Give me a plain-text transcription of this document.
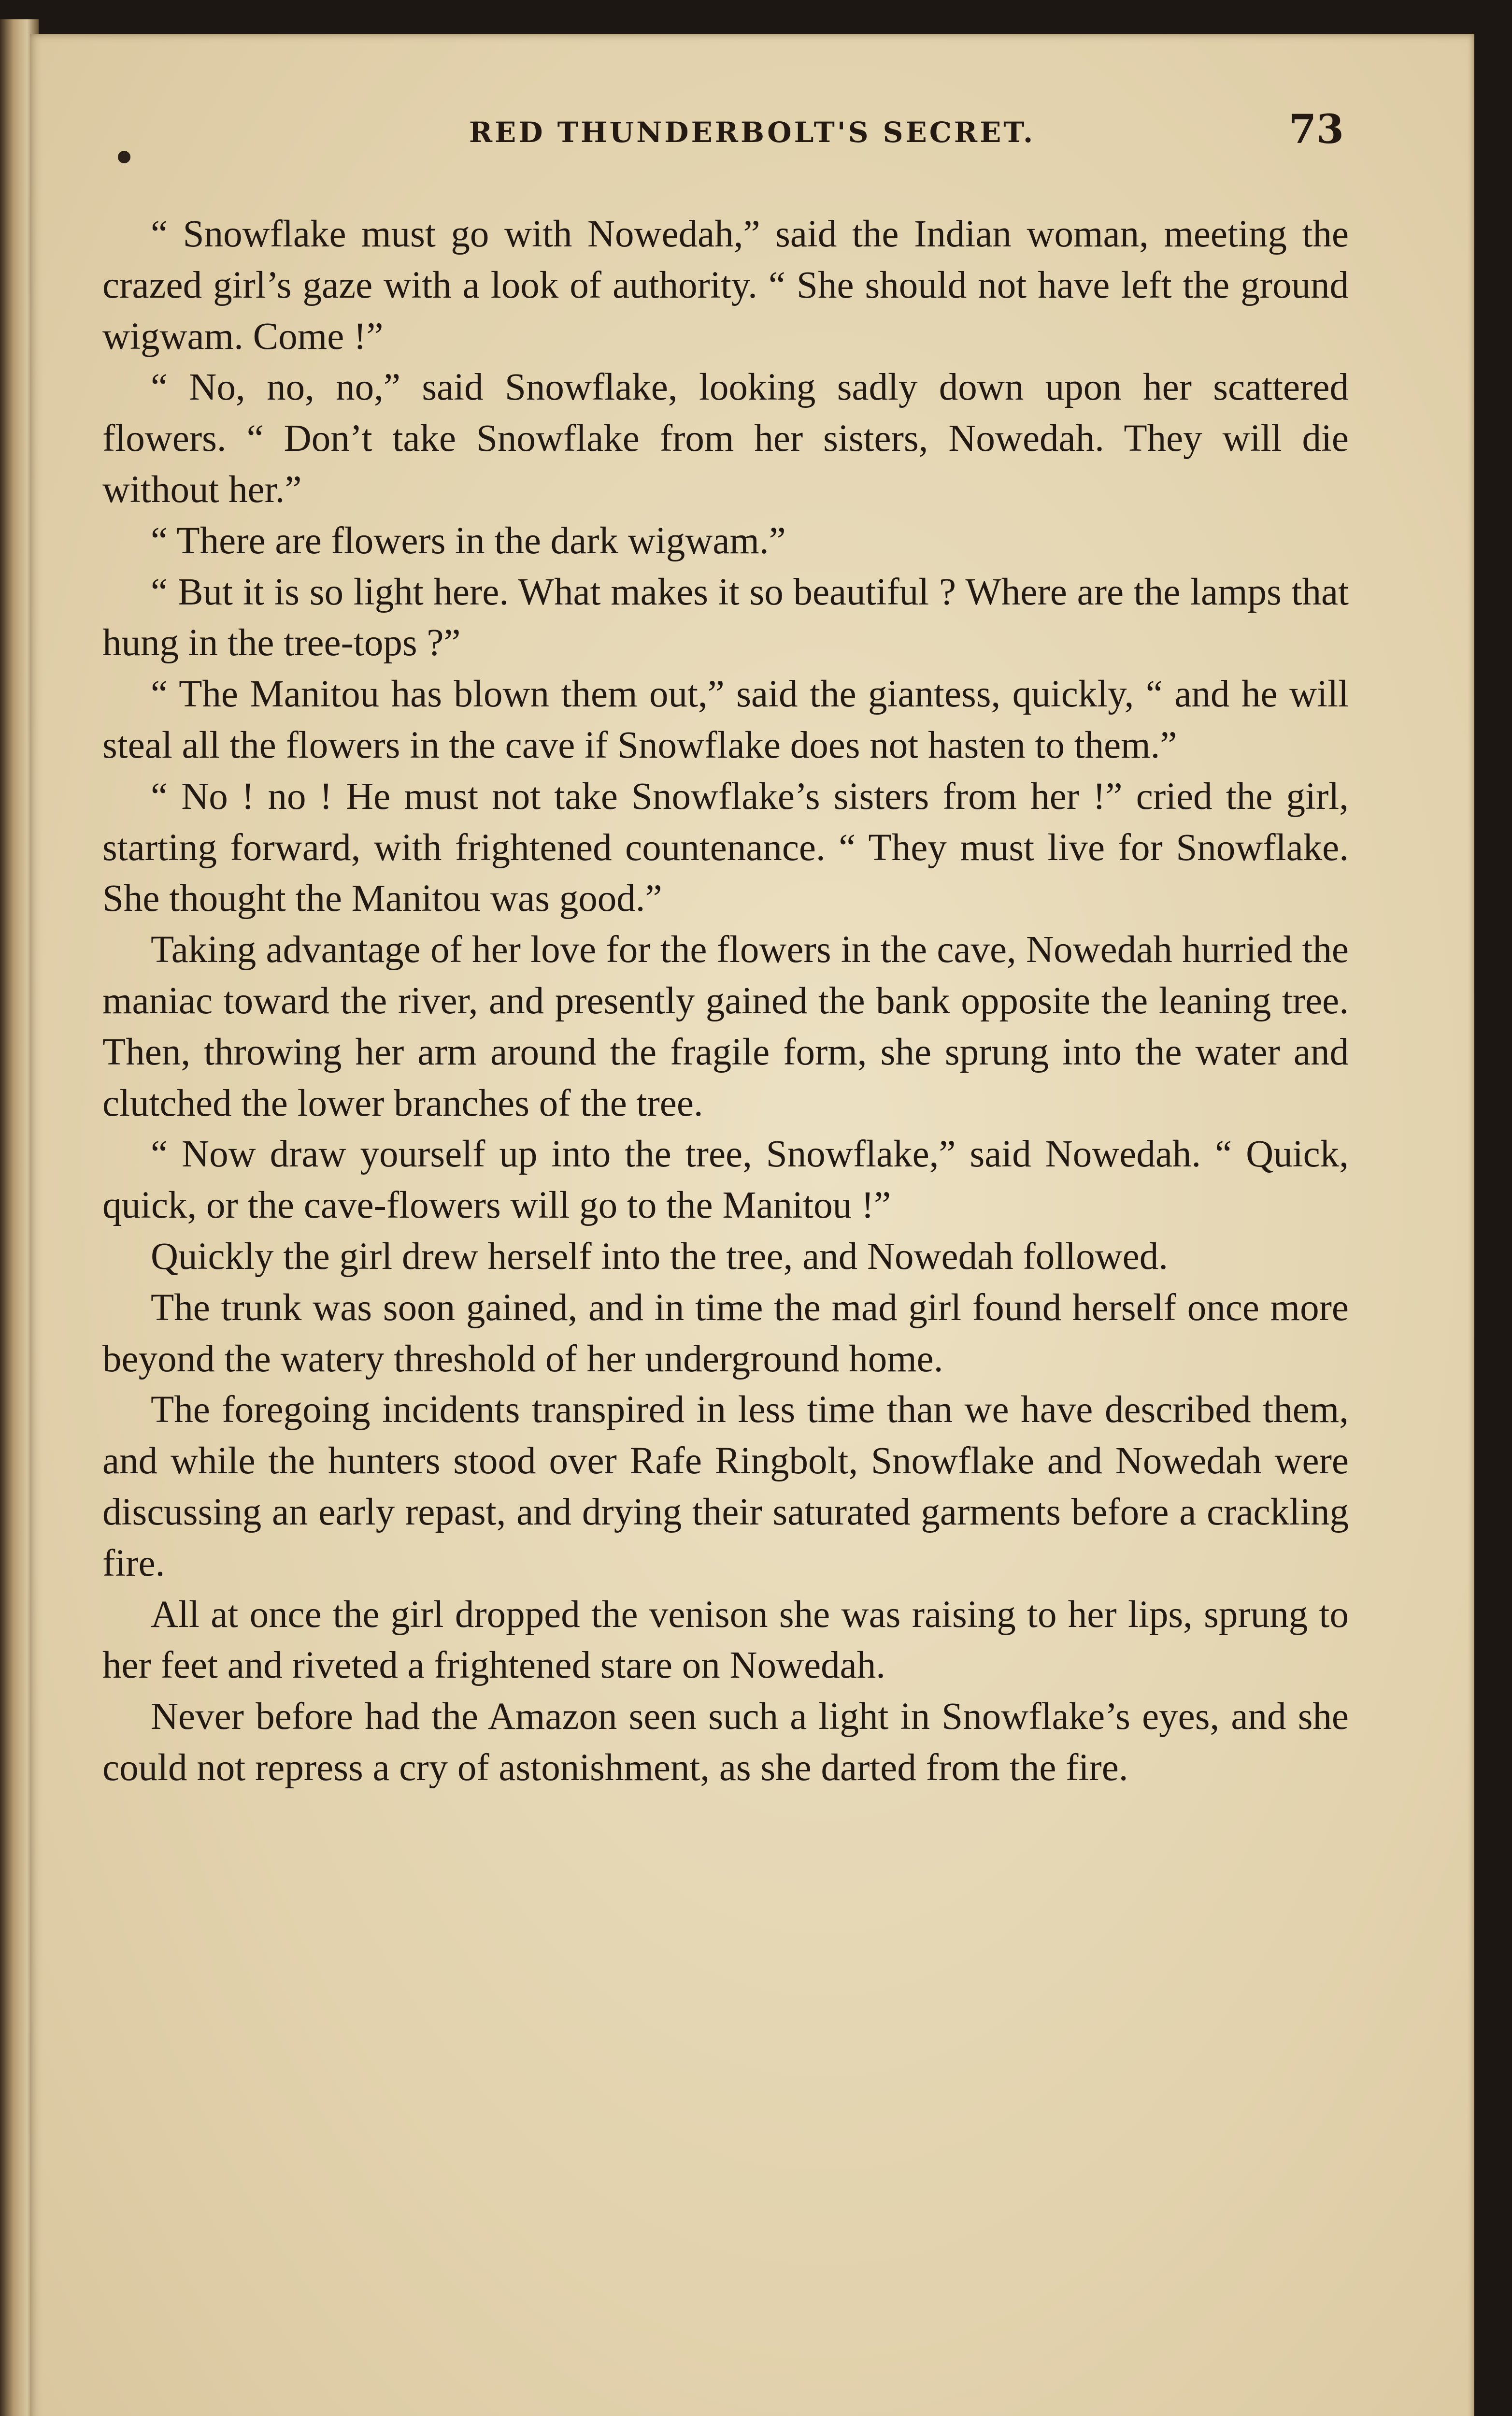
RED THUNDERBOLT'S SECRET.	73

“ Snowflake must go with Nowedah,” said the Indian woman, meeting the crazed girl’s gaze with a look of authority. “ She should not have left the ground wigwam. Come !”

“ No, no, no,” said Snowflake, looking sadly down upon her scattered flowers. “ Don’t take Snowflake from her sisters, Nowedah. They will die without her.”

“ There are flowers in the dark wigwam.”

“ But it is so light here. What makes it so beautiful ? Where are the lamps that hung in the tree-tops ?”

“ The Manitou has blown them out,” said the giantess, quickly, “ and he will steal all the flowers in the cave if Snowflake does not hasten to them.”

“ No ! no ! He must not take Snowflake’s sisters from her !” cried the girl, starting forward, with frightened countenance. “ They must live for Snowflake. She thought the Manitou was good.”

Taking advantage of her love for the flowers in the cave, Nowedah hurried the maniac toward the river, and presently gained the bank opposite the leaning tree. Then, throwing her arm around the fragile form, she sprung into the water and clutched the lower branches of the tree.

“ Now draw yourself up into the tree, Snowflake,” said Nowedah. “ Quick, quick, or the cave-flowers will go to the Manitou !”

Quickly the girl drew herself into the tree, and Nowedah followed.

The trunk was soon gained, and in time the mad girl found herself once more beyond the watery threshold of her underground home.

The foregoing incidents transpired in less time than we have described them, and while the hunters stood over Rafe Ringbolt, Snowflake and Nowedah were discussing an early repast, and drying their saturated garments before a crackling fire.

All at once the girl dropped the venison she was raising to her lips, sprung to her feet and riveted a frightened stare on Nowedah.

Never before had the Amazon seen such a light in Snowflake’s eyes, and she could not repress a cry of astonishment, as she darted from the fire.
